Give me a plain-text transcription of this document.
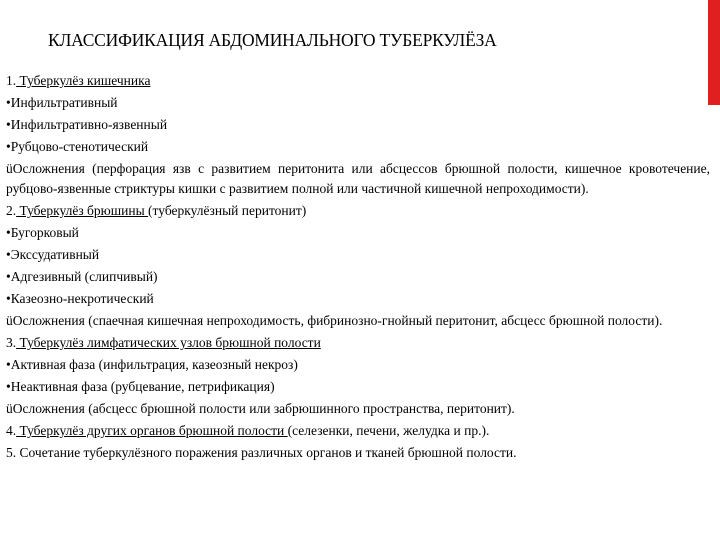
КЛАССИФИКАЦИЯ АБДОМИНАЛЬНОГО ТУБЕРКУЛЁЗА
1. Туберкулёз кишечника
•Инфильтративный
•Инфильтративно-язвенный
•Рубцово-стенотический
üОсложнения (перфорация язв с развитием перитонита или абсцессов брюшной полости, кишечное кровотечение, рубцово-язвенные стриктуры кишки с развитием полной или частичной кишечной непроходимости).
2. Туберкулёз брюшины (туберкулёзный перитонит)
•Бугорковый
•Экссудативный
•Адгезивный (слипчивый)
•Казеозно-некротический
üОсложнения (спаечная кишечная непроходимость, фибринозно-гнойный перитонит, абсцесс брюшной полости).
3. Туберкулёз лимфатических узлов брюшной полости
•Активная фаза (инфильтрация, казеозный некроз)
•Неактивная фаза (рубцевание, петрификация)
üОсложнения (абсцесс брюшной полости или забрюшинного пространства, перитонит).
4. Туберкулёз других органов брюшной полости (селезенки, печени, желудка и пр.).
5. Сочетание туберкулёзного поражения различных органов и тканей брюшной полости.
